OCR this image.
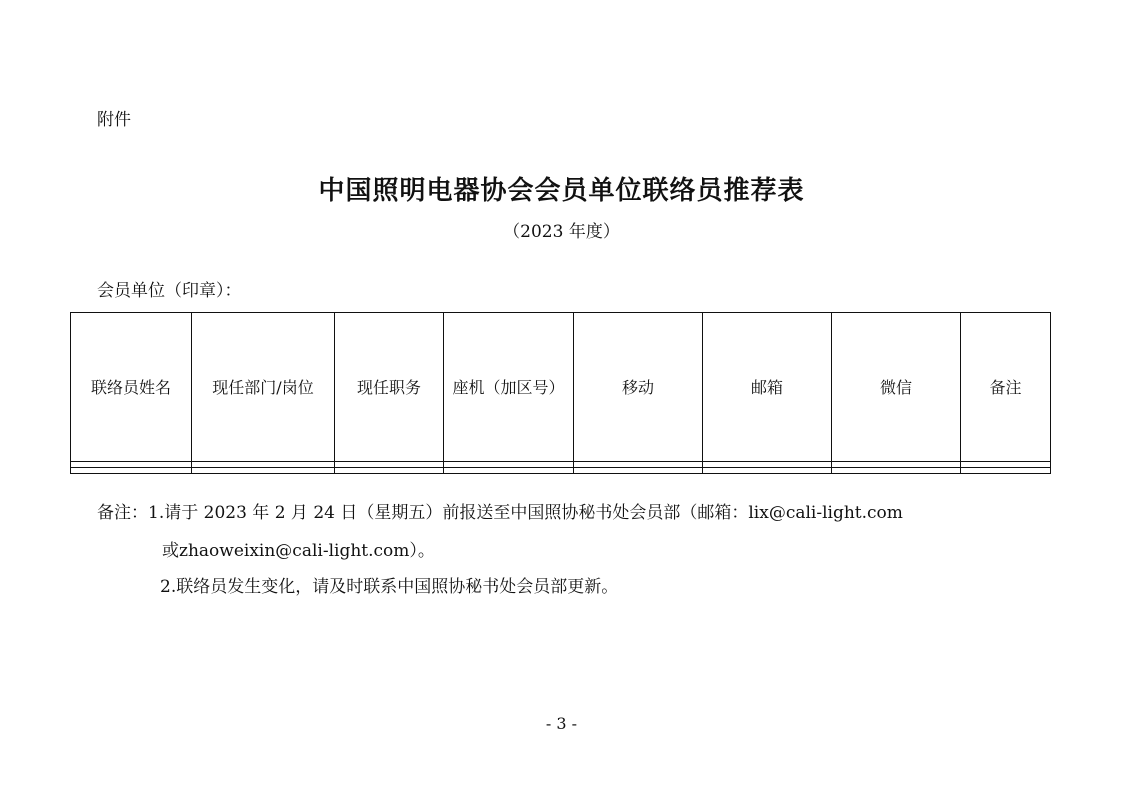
附件
中国照明电器协会会员单位联络员推荐表
（2023 年度）
会员单位（印章）：
联络员姓名	现任部门/岗位	现任职务	座机（加区号）	移动	邮箱	微信	备注

备注：1.请于 2023 年 2 月 24 日（星期五）前报送至中国照协秘书处会员部（邮箱：lix@cali-light.com
或zhaoweixin@cali-light.com）。
2.联络员发生变化，请及时联系中国照协秘书处会员部更新。
- 3 -
